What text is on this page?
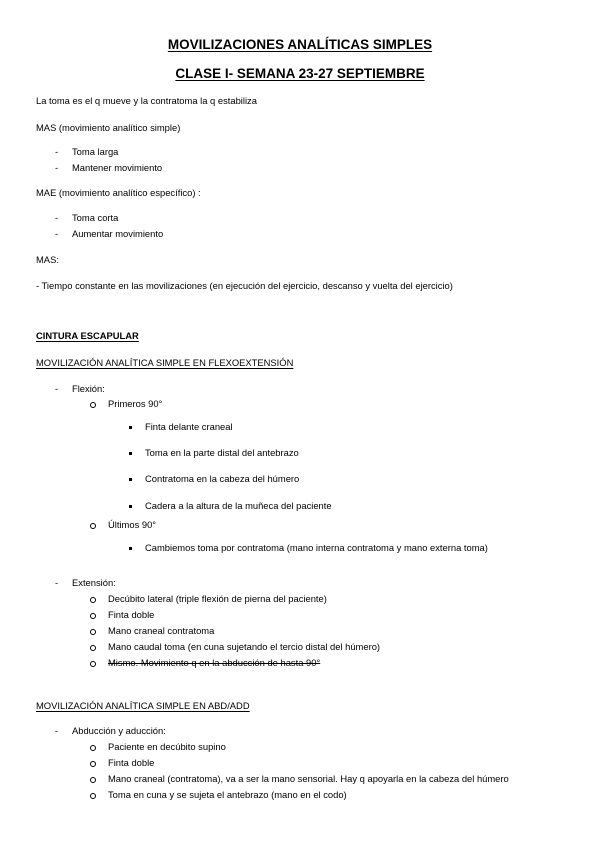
MOVILIZACIONES ANALÍTICAS SIMPLES
CLASE I- SEMANA 23-27 SEPTIEMBRE
La toma es el q mueve y la contratoma la q estabiliza
MAS (movimiento analítico simple)
- Toma larga
- Mantener movimiento
MAE (movimiento analítico específico) :
- Toma corta
- Aumentar movimiento
MAS:
- Tiempo constante en las movilizaciones (en ejecución del ejercicio, descanso y vuelta del ejercicio)
CINTURA ESCAPULAR
MOVILIZACIÓN ANALÍTICA SIMPLE EN FLEXOEXTENSIÓN
- Flexión:
Primeros 90°
Finta delante craneal
Toma en la parte distal del antebrazo
Contratoma en la cabeza del húmero
Cadera a la altura de la muñeca del paciente
Últimos 90°
Cambiemos toma por contratoma (mano interna contratoma y mano externa toma)
- Extensión:
Decúbito lateral (triple flexión de pierna del paciente)
Finta doble
Mano craneal contratoma
Mano caudal toma (en cuna sujetando el tercio distal del húmero)
Mismo. Movimiento q en la abducción de hasta 90°
MOVILIZACIÓN ANALÍTICA SIMPLE EN ABD/ADD
- Abducción y aducción:
Paciente en decúbito supino
Finta doble
Mano craneal (contratoma), va a ser la mano sensorial. Hay q apoyarla en la cabeza del húmero
Toma en cuna y se sujeta el antebrazo (mano en el codo)
